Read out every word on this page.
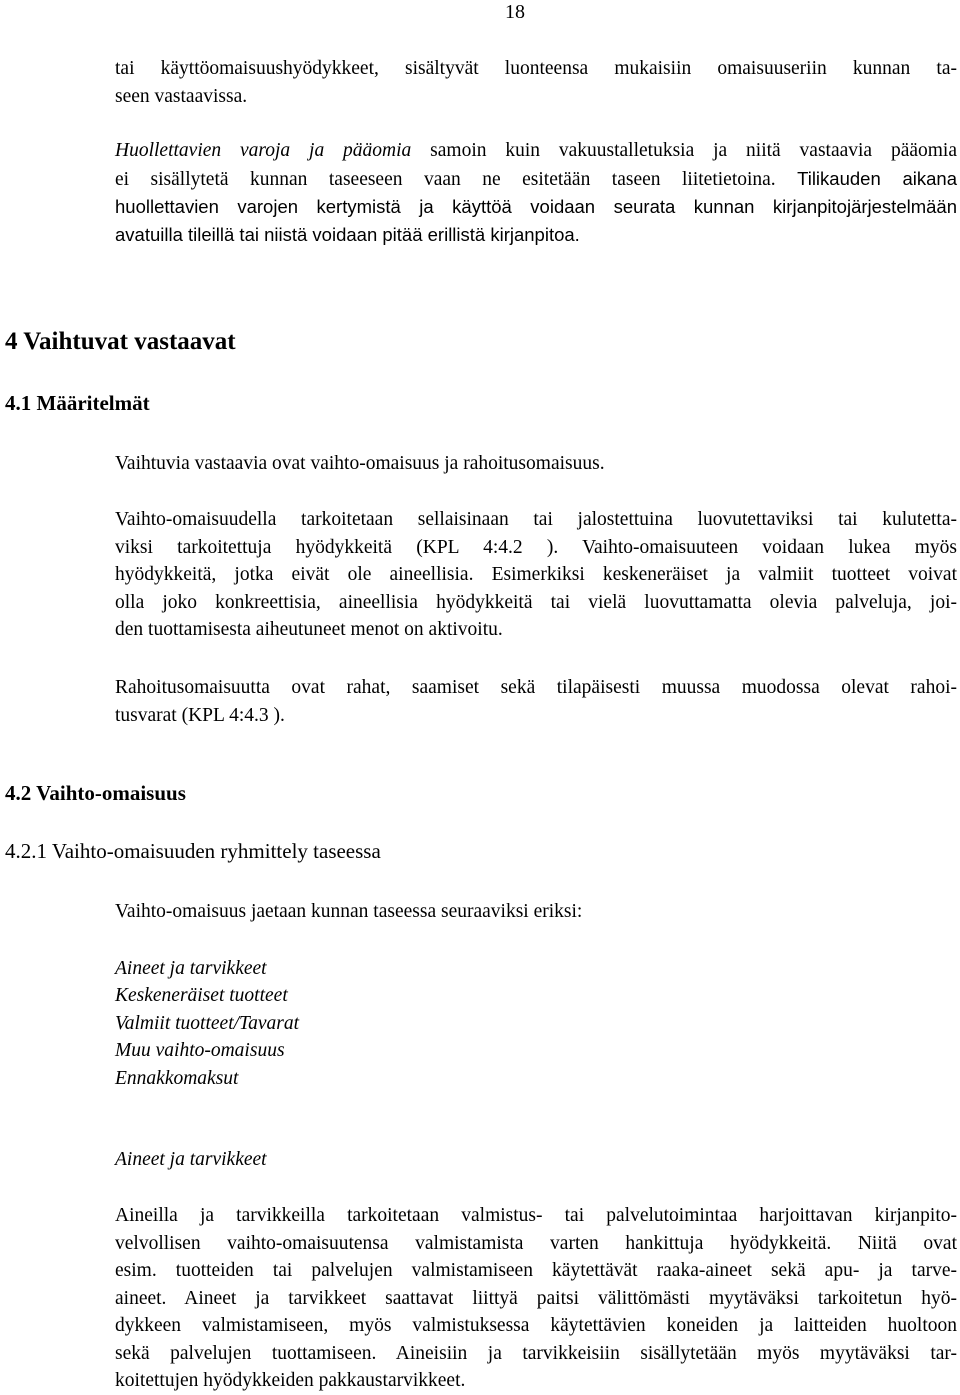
18
tai käyttöomaisuushyödykkeet, sisältyvät luonteensa mukaisiin omaisuuseriin kunnan ta-
seen vastaavissa.
Huollettavien varoja ja pääomia samoin kuin vakuustalletuksia ja niitä vastaavia pääomia
ei sisällytetä kunnan taseeseen vaan ne esitetään taseen liitetietoina. Tilikauden aikana
huollettavien varojen kertymistä ja käyttöä voidaan seurata kunnan kirjanpitojärjestelmään
avatuilla tileillä tai niistä voidaan pitää erillistä kirjanpitoa.
4 Vaihtuvat vastaavat
4.1 Määritelmät
Vaihtuvia vastaavia ovat vaihto-omaisuus ja rahoitusomaisuus.
Vaihto-omaisuudella tarkoitetaan sellaisinaan tai jalostettuina luovutettaviksi tai kulutetta-
viksi tarkoitettuja hyödykkeitä (KPL 4:4.2 ). Vaihto-omaisuuteen voidaan lukea myös
hyödykkeitä, jotka eivät ole aineellisia. Esimerkiksi keskeneräiset ja valmiit tuotteet voivat
olla joko konkreettisia, aineellisia hyödykkeitä tai vielä luovuttamatta olevia palveluja, joi-
den tuottamisesta aiheutuneet menot on aktivoitu.
Rahoitusomaisuutta ovat rahat, saamiset sekä tilapäisesti muussa muodossa olevat rahoi-
tusvarat (KPL 4:4.3 ).
4.2 Vaihto-omaisuus
4.2.1 Vaihto-omaisuuden ryhmittely taseessa
Vaihto-omaisuus jaetaan kunnan taseessa seuraaviksi eriksi:
Aineet ja tarvikkeet
Keskeneräiset tuotteet
Valmiit tuotteet/Tavarat
Muu vaihto-omaisuus
Ennakkomaksut
Aineet ja tarvikkeet
Aineilla ja tarvikkeilla tarkoitetaan valmistus- tai palvelutoimintaa harjoittavan kirjanpito-
velvollisen vaihto-omaisuutensa valmistamista varten hankittuja hyödykkeitä. Niitä ovat
esim. tuotteiden tai palvelujen valmistamiseen käytettävät raaka-aineet sekä apu- ja tarve-
aineet. Aineet ja tarvikkeet saattavat liittyä paitsi välittömästi myytäväksi tarkoitetun hyö-
dykkeen valmistamiseen, myös valmistuksessa käytettävien koneiden ja laitteiden huoltoon
sekä palvelujen tuottamiseen. Aineisiin ja tarvikkeisiin sisällytetään myös myytäväksi tar-
koitettujen hyödykkeiden pakkaustarvikkeet.
